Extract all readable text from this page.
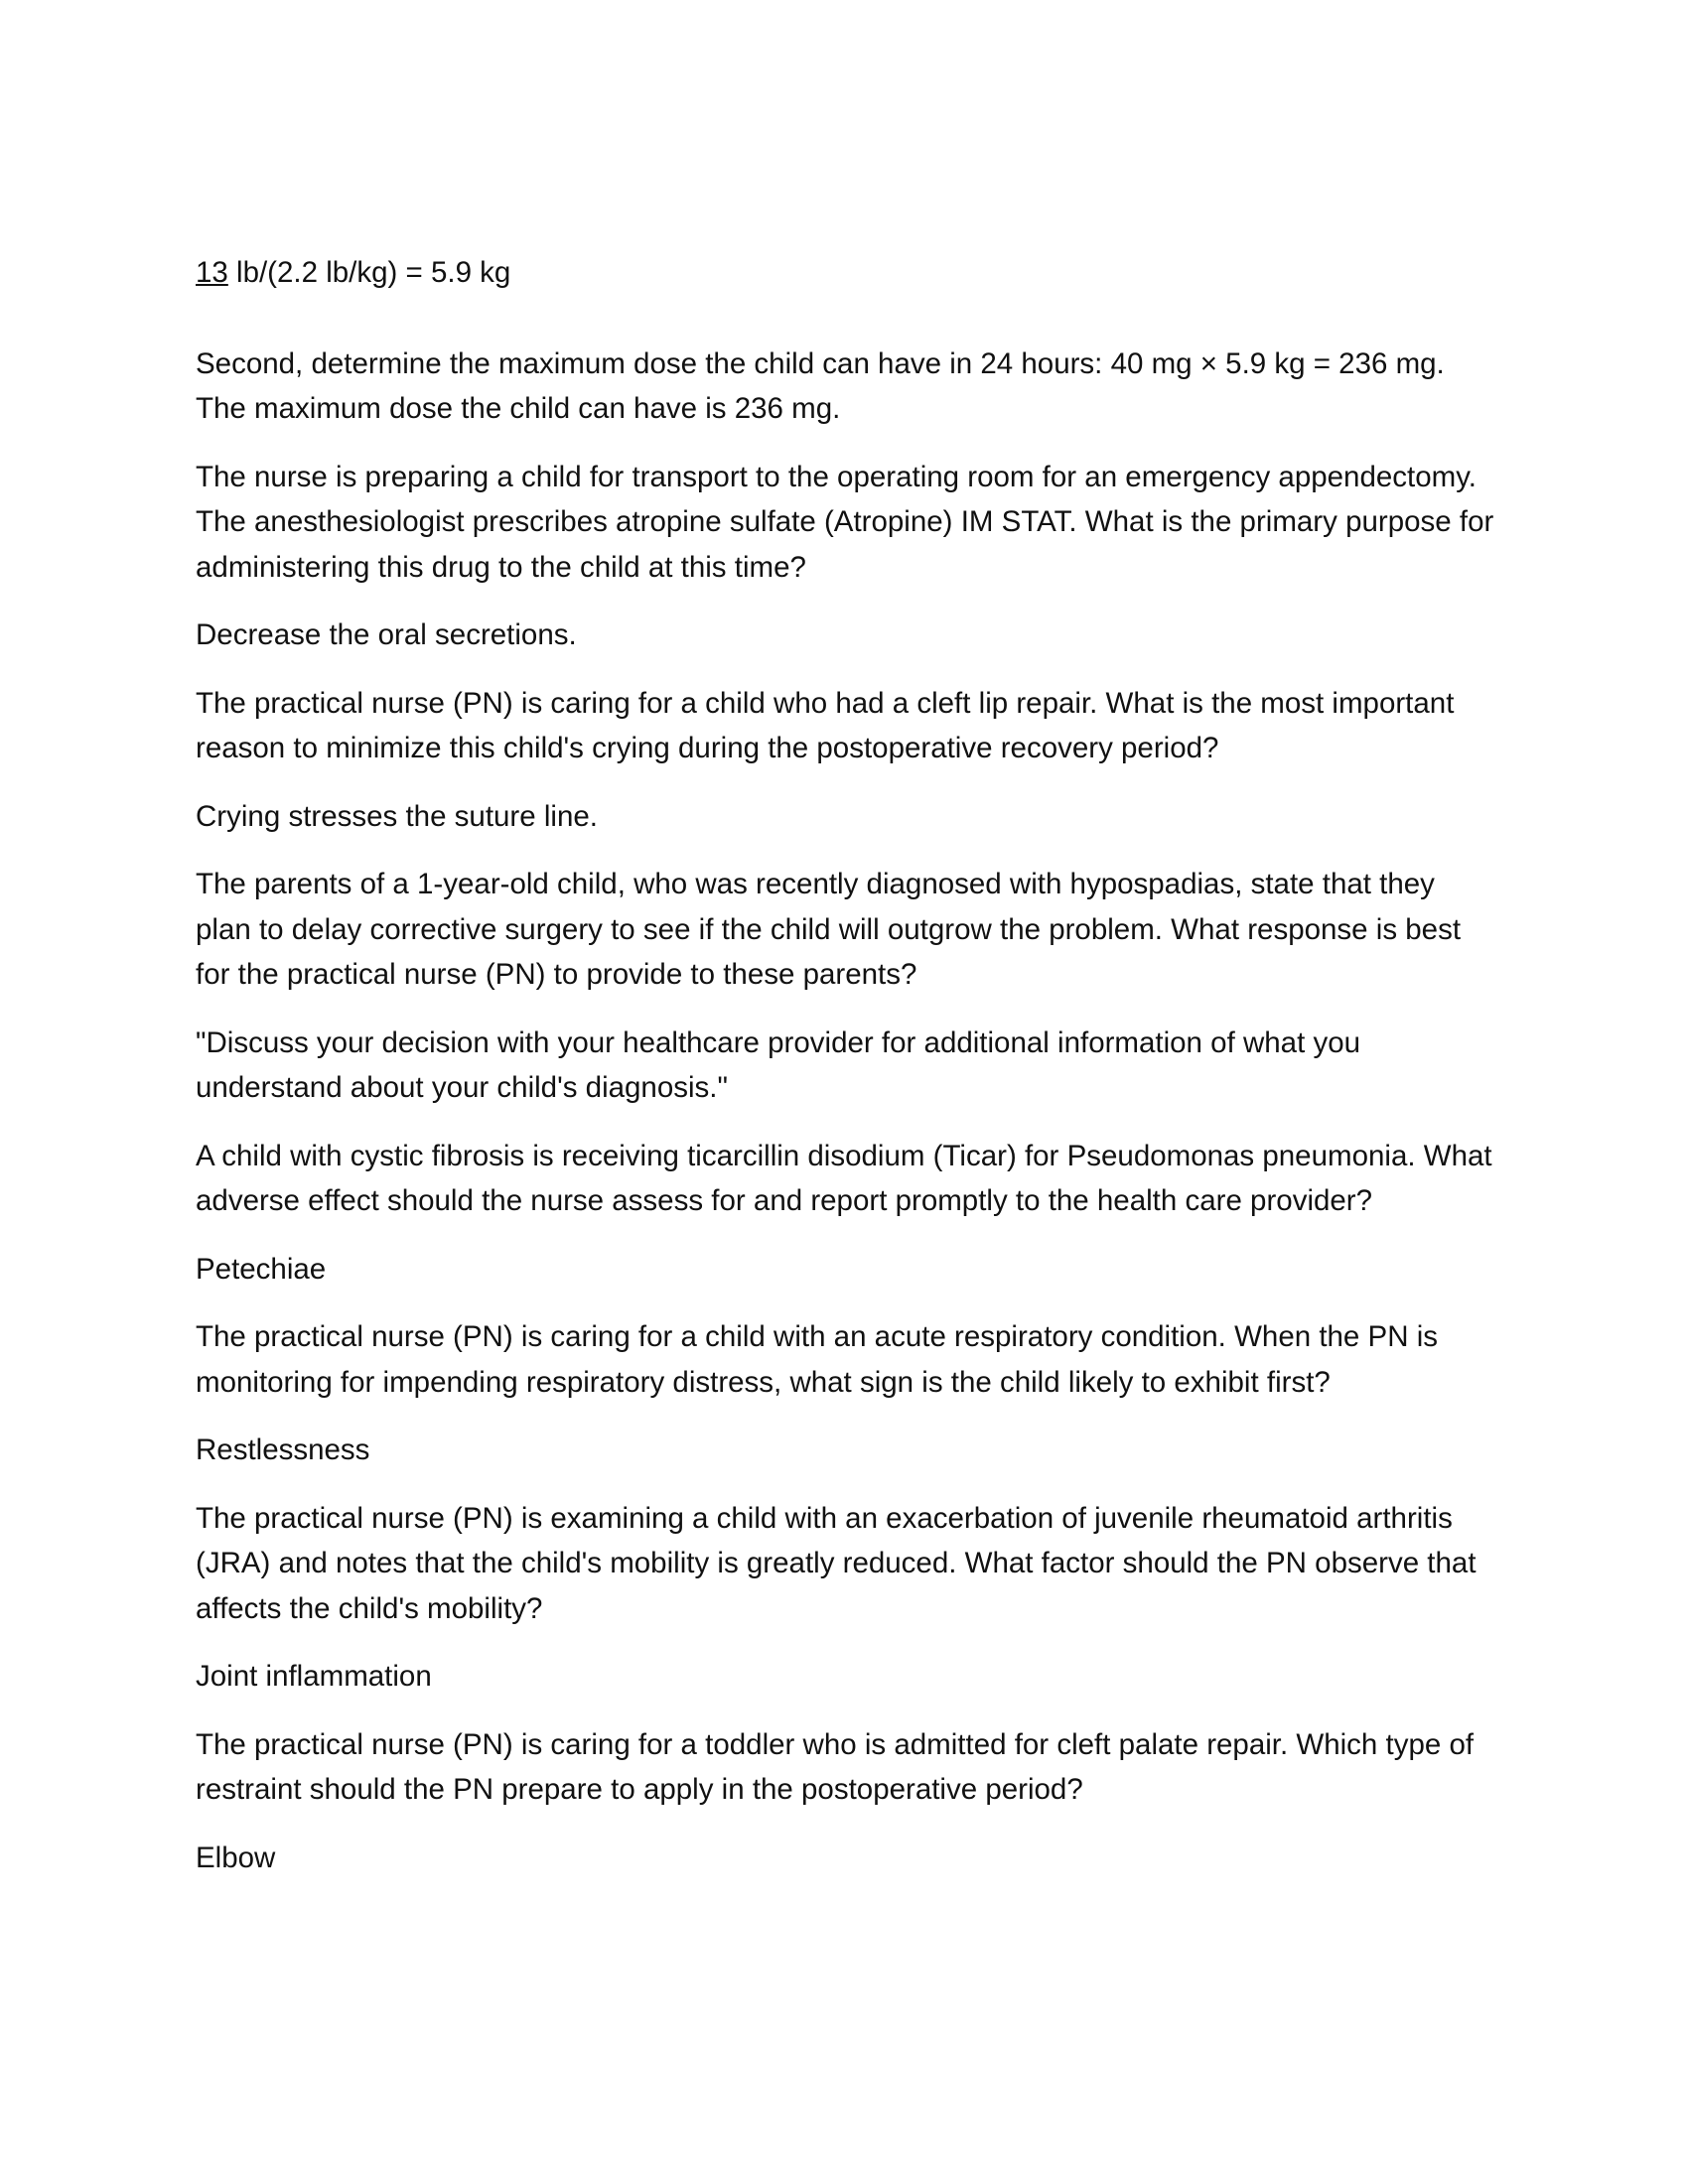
13 lb/(2.2 lb/kg) = 5.9 kg

Second, determine the maximum dose the child can have in 24 hours: 40 mg × 5.9 kg = 236 mg. The maximum dose the child can have is 236 mg.

The nurse is preparing a child for transport to the operating room for an emergency appendectomy. The anesthesiologist prescribes atropine sulfate (Atropine) IM STAT. What is the primary purpose for administering this drug to the child at this time?

Decrease the oral secretions.

The practical nurse (PN) is caring for a child who had a cleft lip repair. What is the most important reason to minimize this child's crying during the postoperative recovery period?

Crying stresses the suture line.

The parents of a 1-year-old child, who was recently diagnosed with hypospadias, state that they plan to delay corrective surgery to see if the child will outgrow the problem. What response is best for the practical nurse (PN) to provide to these parents?

"Discuss your decision with your healthcare provider for additional information of what you understand about your child's diagnosis."

A child with cystic fibrosis is receiving ticarcillin disodium (Ticar) for Pseudomonas pneumonia. What adverse effect should the nurse assess for and report promptly to the health care provider?

Petechiae

The practical nurse (PN) is caring for a child with an acute respiratory condition. When the PN is monitoring for impending respiratory distress, what sign is the child likely to exhibit first?

Restlessness

The practical nurse (PN) is examining a child with an exacerbation of juvenile rheumatoid arthritis (JRA) and notes that the child's mobility is greatly reduced. What factor should the PN observe that affects the child's mobility?

Joint inflammation

The practical nurse (PN) is caring for a toddler who is admitted for cleft palate repair. Which type of restraint should the PN prepare to apply in the postoperative period?

Elbow
